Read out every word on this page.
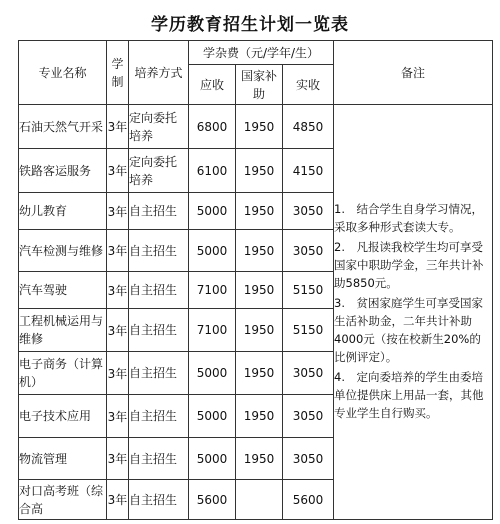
学历教育招生计划一览表
专业名称	学制	培养方式	学杂费（元/学年/生）			备注
			应收	国家补助	实收	
石油天然气开采	3年	定向委托培养	6800	1950	4850	1.　结合学生自身学习情况，采取多种形式套读大专。
2.　凡报读我校学生均可享受国家中职助学金，三年共计补助5850元。
3.　贫困家庭学生可享受国家生活补助金，二年共计补助4000元（按在校新生20%的比例评定）。
4.　定向委培养的学生由委培单位提供床上用品一套，其他专业学生自行购买。

铁路客运服务	3年	定向委托培养	6100	1950	4150	
幼儿教育	3年	自主招生	5000	1950	3050	
汽车检测与维修	3年	自主招生	5000	1950	3050	
汽车驾驶	3年	自主招生	7100	1950	5150	
工程机械运用与维修	3年	自主招生	7100	1950	5150	
电子商务（计算机）	3年	自主招生	5000	1950	3050	
电子技术应用	3年	自主招生	5000	1950	3050	
物流管理	3年	自主招生	5000	1950	3050	
对口高考班（综合高	3年	自主招生	5600		5600	
